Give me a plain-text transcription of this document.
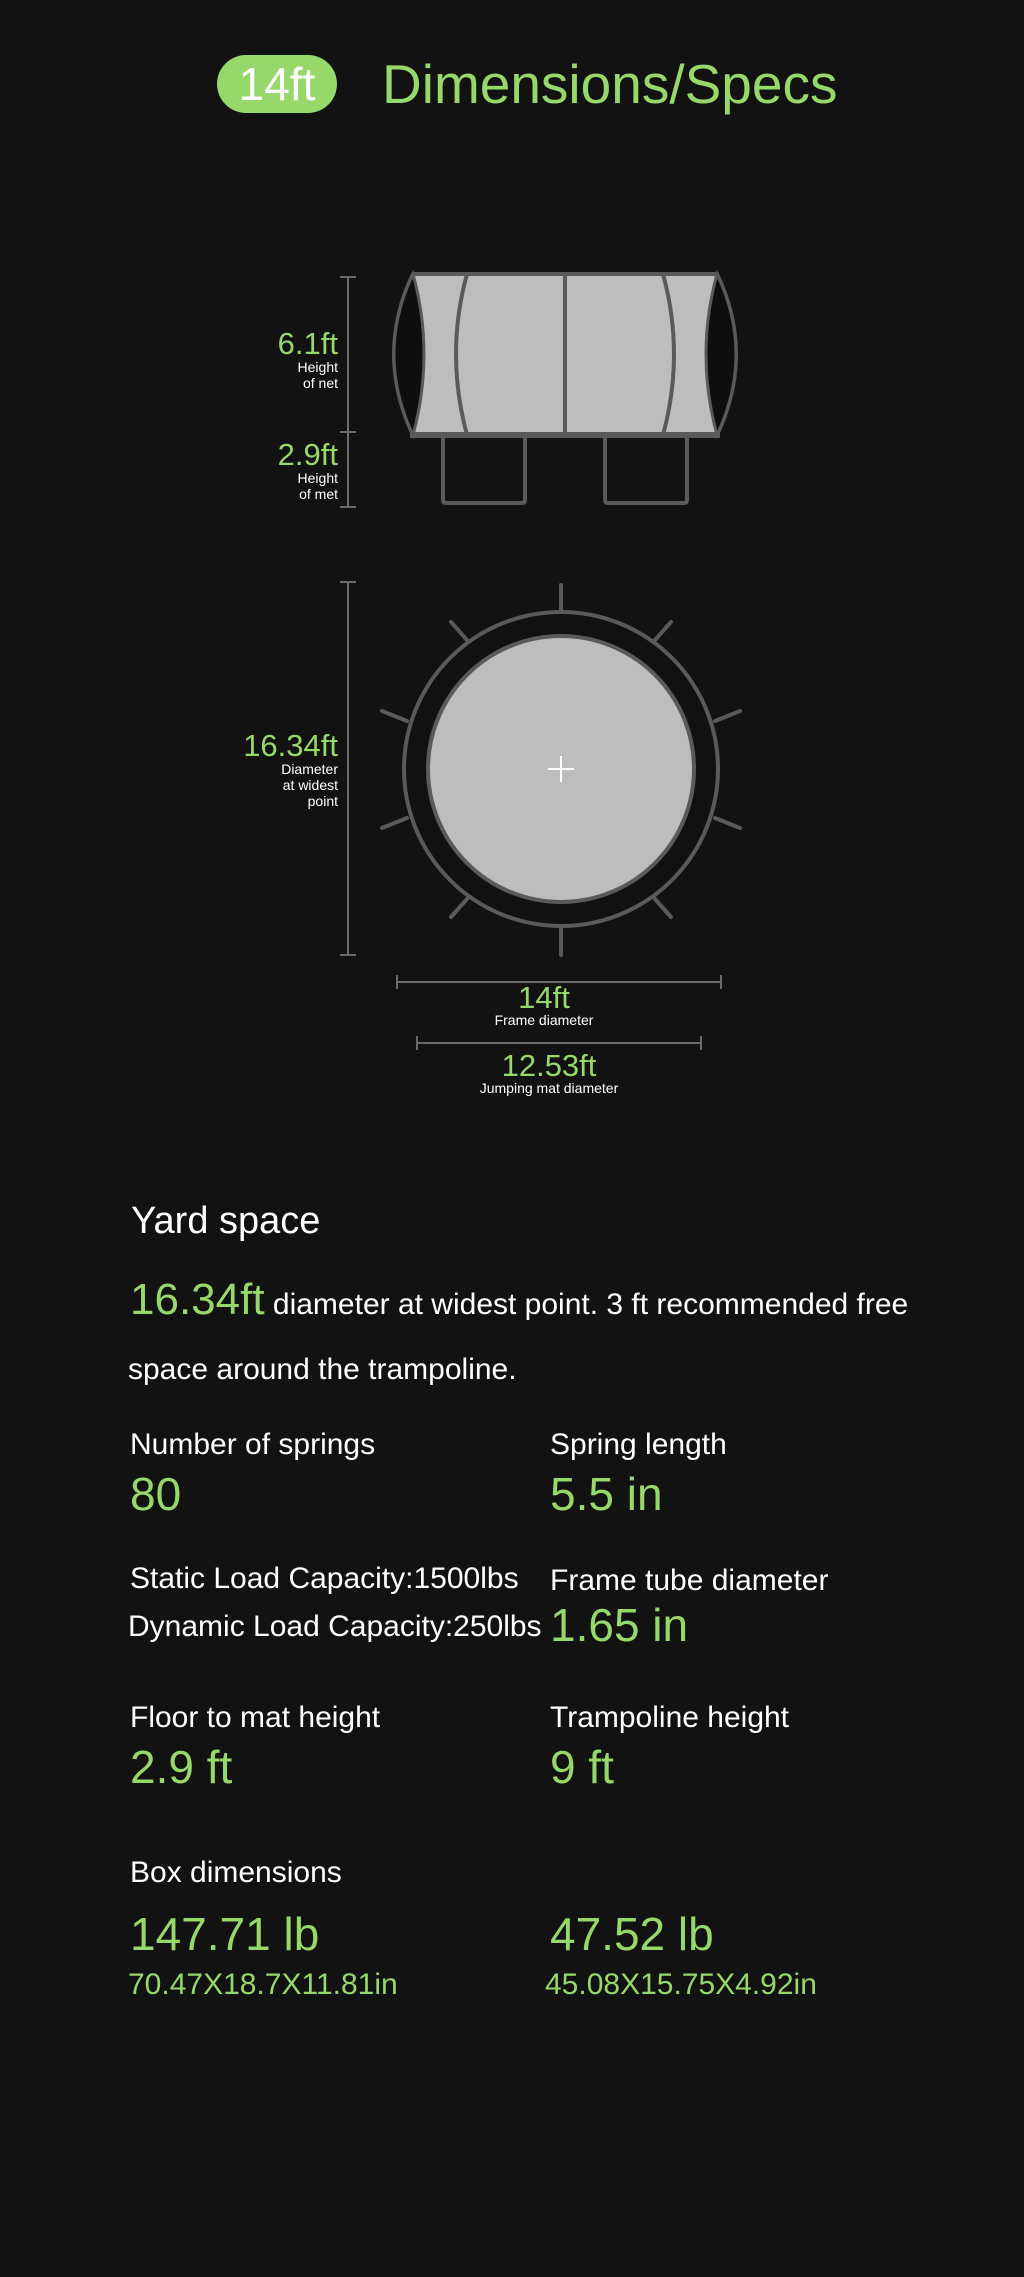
14ft	Dimensions/Specs
6.1ft
Height
of net
2.9ft
Height
of met
16.34ft
Diameter
at widest
point
14ft
Frame diameter
12.53ft
Jumping mat diameter
Yard space
16.34ft diameter at widest point. 3 ft recommended free
space around the trampoline.
Number of springs
80
Spring length
5.5 in
Static Load Capacity:1500lbs
Dynamic Load Capacity:250lbs
Frame tube diameter
1.65 in
Floor to mat height
2.9 ft
Trampoline height
9 ft
Box dimensions
147.71 lb
70.47X18.7X11.81in
47.52 lb
45.08X15.75X4.92in
